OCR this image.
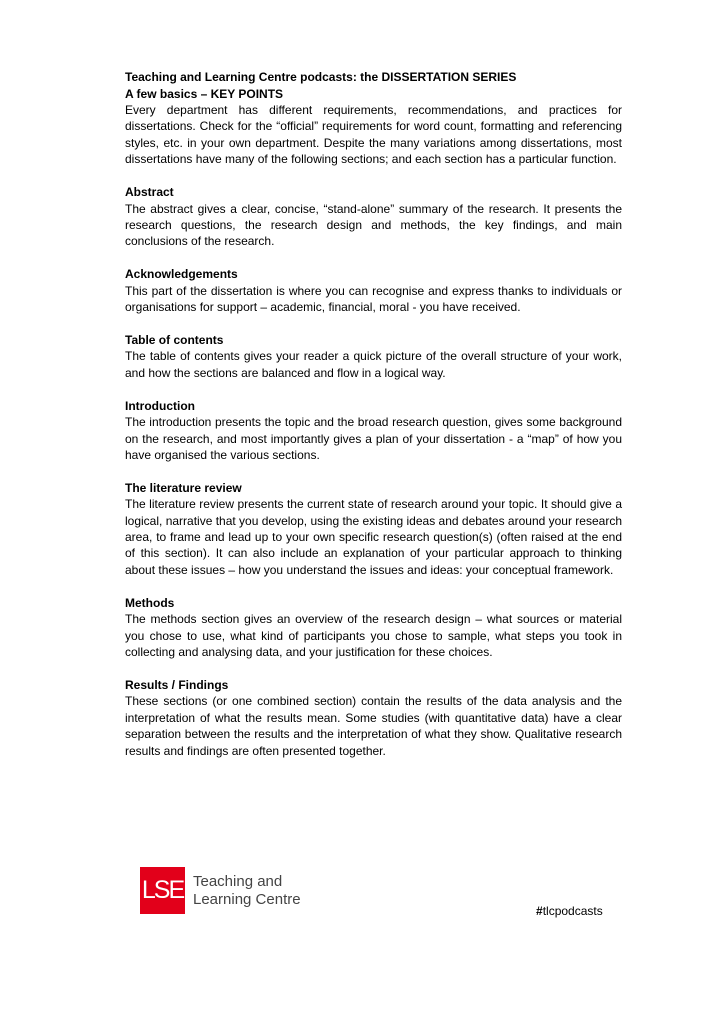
Teaching and Learning Centre podcasts: the DISSERTATION SERIES

A few basics – KEY POINTS

Every department has different requirements, recommendations, and practices for dissertations. Check for the “official” requirements for word count, formatting and referencing styles, etc. in your own department. Despite the many variations among dissertations, most dissertations have many of the following sections; and each section has a particular function.

Abstract

The abstract gives a clear, concise, “stand-alone” summary of the research. It presents the research questions, the research design and methods, the key findings, and main conclusions of the research.

Acknowledgements

This part of the dissertation is where you can recognise and express thanks to individuals or organisations for support – academic, financial, moral - you have received.

Table of contents

The table of contents gives your reader a quick picture of the overall structure of your work, and how the sections are balanced and flow in a logical way.

Introduction

The introduction presents the topic and the broad research question, gives some background on the research, and most importantly gives a plan of your dissertation - a “map” of how you have organised the various sections.

The literature review

The literature review presents the current state of research around your topic. It should give a logical, narrative that you develop, using the existing ideas and debates around your research area, to frame and lead up to your own specific research question(s) (often raised at the end of this section). It can also include an explanation of your particular approach to thinking about these issues – how you understand the issues and ideas: your conceptual framework.

Methods

The methods section gives an overview of the research design – what sources or material you chose to use, what kind of participants you chose to sample, what steps you took in collecting and analysing data, and your justification for these choices.

Results / Findings

These sections (or one combined section) contain the results of the data analysis and the interpretation of what the results mean. Some studies (with quantitative data) have a clear separation between the results and the interpretation of what they show. Qualitative research results and findings are often presented together.

LSE Teaching and
Learning Centre
#tlcpodcasts
